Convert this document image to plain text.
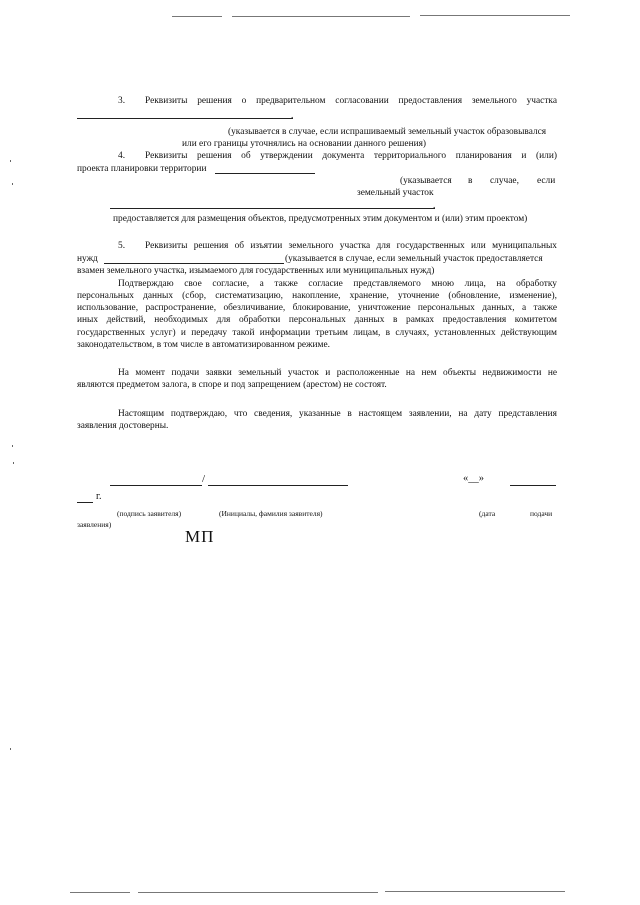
3. Реквизиты решения о предварительном согласовании предоставления земельного участка
.
(указывается в случае, если испрашиваемый земельный участок образовывался
или его границы уточнялись на основании данного решения)
4. Реквизиты решения об утверждении документа территориального планирования и (или)
проекта планировки территории
(указывается в случае, если
земельный участок
.
предоставляется для размещения объектов, предусмотренных этим документом и (или) этим проектом)
5. Реквизиты решения об изъятии земельного участка для государственных или муниципальных
нужд	(указывается в случае, если земельный участок предоставляется
взамен земельного участка, изымаемого для государственных или муниципальных нужд)
Подтверждаю свое согласие, а также согласие представляемого мною лица, на обработку
персональных данных (сбор, систематизацию, накопление, хранение, уточнение (обновление, изменение),
использование, распространение, обезличивание, блокирование, уничтожение персональных данных, а также
иных действий, необходимых для обработки персональных данных в рамках предоставления комитетом
государственных услуг) и передачу такой информации третьим лицам, в случаях, установленных действующим
законодательством, в том числе в автоматизированном режиме.
На момент подачи заявки земельный участок и расположенные на нем объекты недвижимости не
являются предметом залога, в споре и под запрещением (арестом) не состоят.
Настоящим подтверждаю, что сведения, указанные в настоящем заявлении, на дату представления
заявления достоверны.
/	«__»
г.
(подпись заявителя)	(Инициалы, фамилия заявителя)	(дата	подачи
заявления)
МП
